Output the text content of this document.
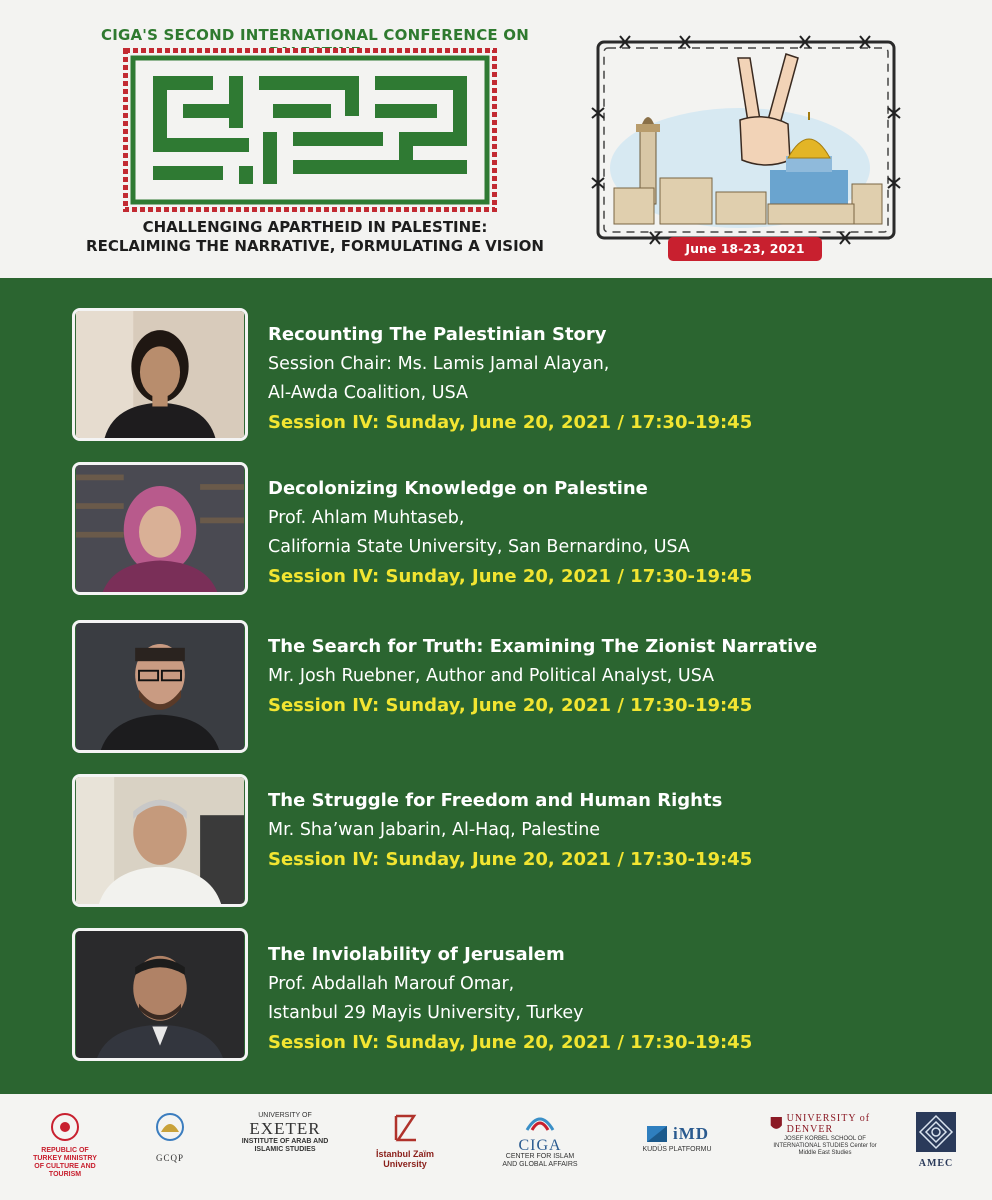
CIGA'S SECOND INTERNATIONAL CONFERENCE ON
CHALLENGING APARTHEID IN PALESTINE:
RECLAIMING THE NARRATIVE, FORMULATING A VISION	June 18-23, 2021
Recounting The Palestinian Story
Session Chair: Ms. Lamis Jamal Alayan,
Al-Awda Coalition, USA
Session IV: Sunday, June 20, 2021 / 17:30-19:45
Decolonizing Knowledge on Palestine
Prof. Ahlam Muhtaseb,
California State University, San Bernardino, USA
Session IV: Sunday, June 20, 2021 / 17:30-19:45
The Search for Truth: Examining The Zionist Narrative
Mr. Josh Ruebner, Author and Political Analyst, USA
Session IV: Sunday, June 20, 2021 / 17:30-19:45
The Struggle for Freedom and Human Rights
Mr. Sha’wan Jabarin, Al-Haq, Palestine
Session IV: Sunday, June 20, 2021 / 17:30-19:45
The Inviolability of Jerusalem
Prof. Abdallah Marouf Omar,
Istanbul 29 Mayis University, Turkey
Session IV: Sunday, June 20, 2021 / 17:30-19:45
REPUBLIC OF TURKEY MINISTRY OF CULTURE AND TOURISM
GCQP
UNIVERSITY OF
EXETER
INSTITUTE OF ARAB AND ISLAMIC STUDIES	İstanbul Zaïm University
CIGA
CENTER FOR ISLAM AND GLOBAL AFFAIRS
iMD
KUDÜS PLATFORMU
UNIVERSITY of DENVER
JOSEF KORBEL SCHOOL OF INTERNATIONAL STUDIES Center for Middle East Studies
AMEC
